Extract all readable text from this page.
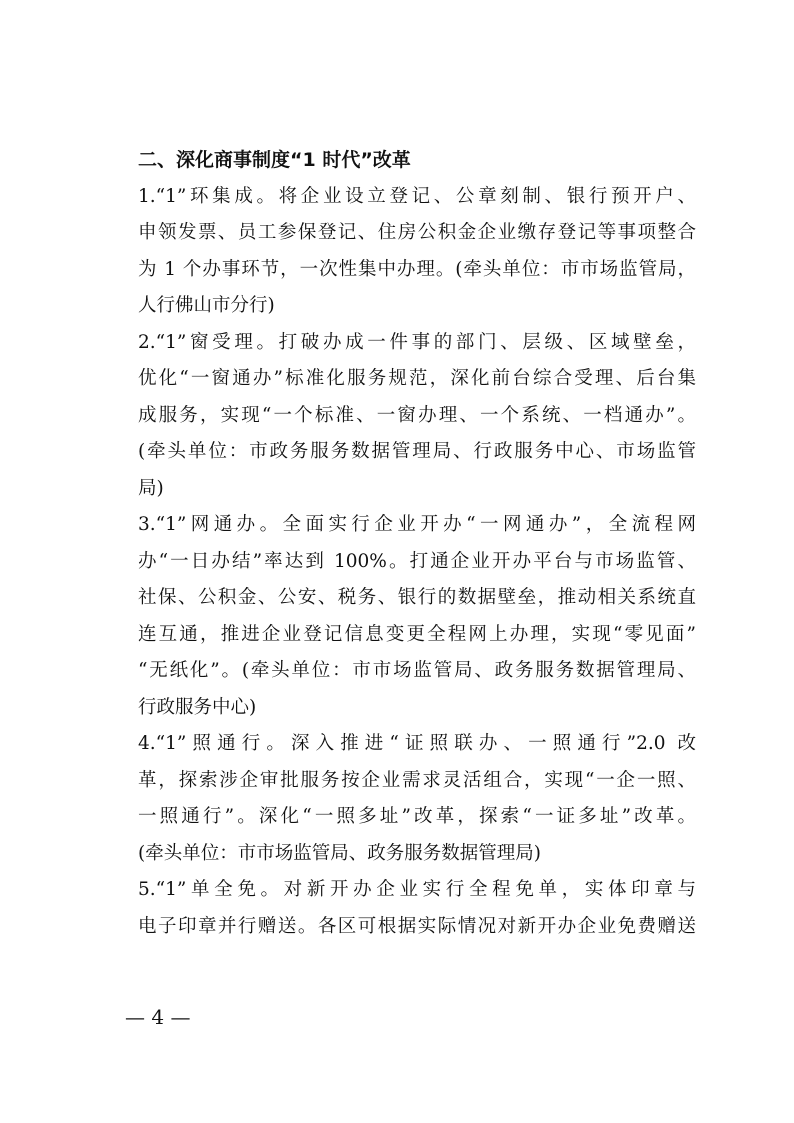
二、深化商事制度“1 时代”改革
1.“1”环集成。将企业设立登记、公章刻制、银行预开户、
申领发票、员工参保登记、住房公积金企业缴存登记等事项整合
为 1 个办事环节，一次性集中办理。(牵头单位：市市场监管局，
人行佛山市分行)
2.“1”窗受理。打破办成一件事的部门、层级、区域壁垒，
优化“一窗通办”标准化服务规范，深化前台综合受理、后台集
成服务，实现“一个标准、一窗办理、一个系统、一档通办”。
(牵头单位：市政务服务数据管理局、行政服务中心、市场监管
局)
3.“1”网通办。全面实行企业开办“一网通办”，全流程网
办“一日办结”率达到 100%。打通企业开办平台与市场监管、
社保、公积金、公安、税务、银行的数据壁垒，推动相关系统直
连互通，推进企业登记信息变更全程网上办理，实现“零见面”
“无纸化”。(牵头单位：市市场监管局、政务服务数据管理局、
行政服务中心)
4.“1”照通行。深入推进“证照联办、一照通行”2.0 改
革，探索涉企审批服务按企业需求灵活组合，实现“一企一照、
一照通行”。深化“一照多址”改革，探索“一证多址”改革。
(牵头单位：市市场监管局、政务服务数据管理局)
5.“1”单全免。对新开办企业实行全程免单，实体印章与
电子印章并行赠送。各区可根据实际情况对新开办企业免费赠送
— 4 —
